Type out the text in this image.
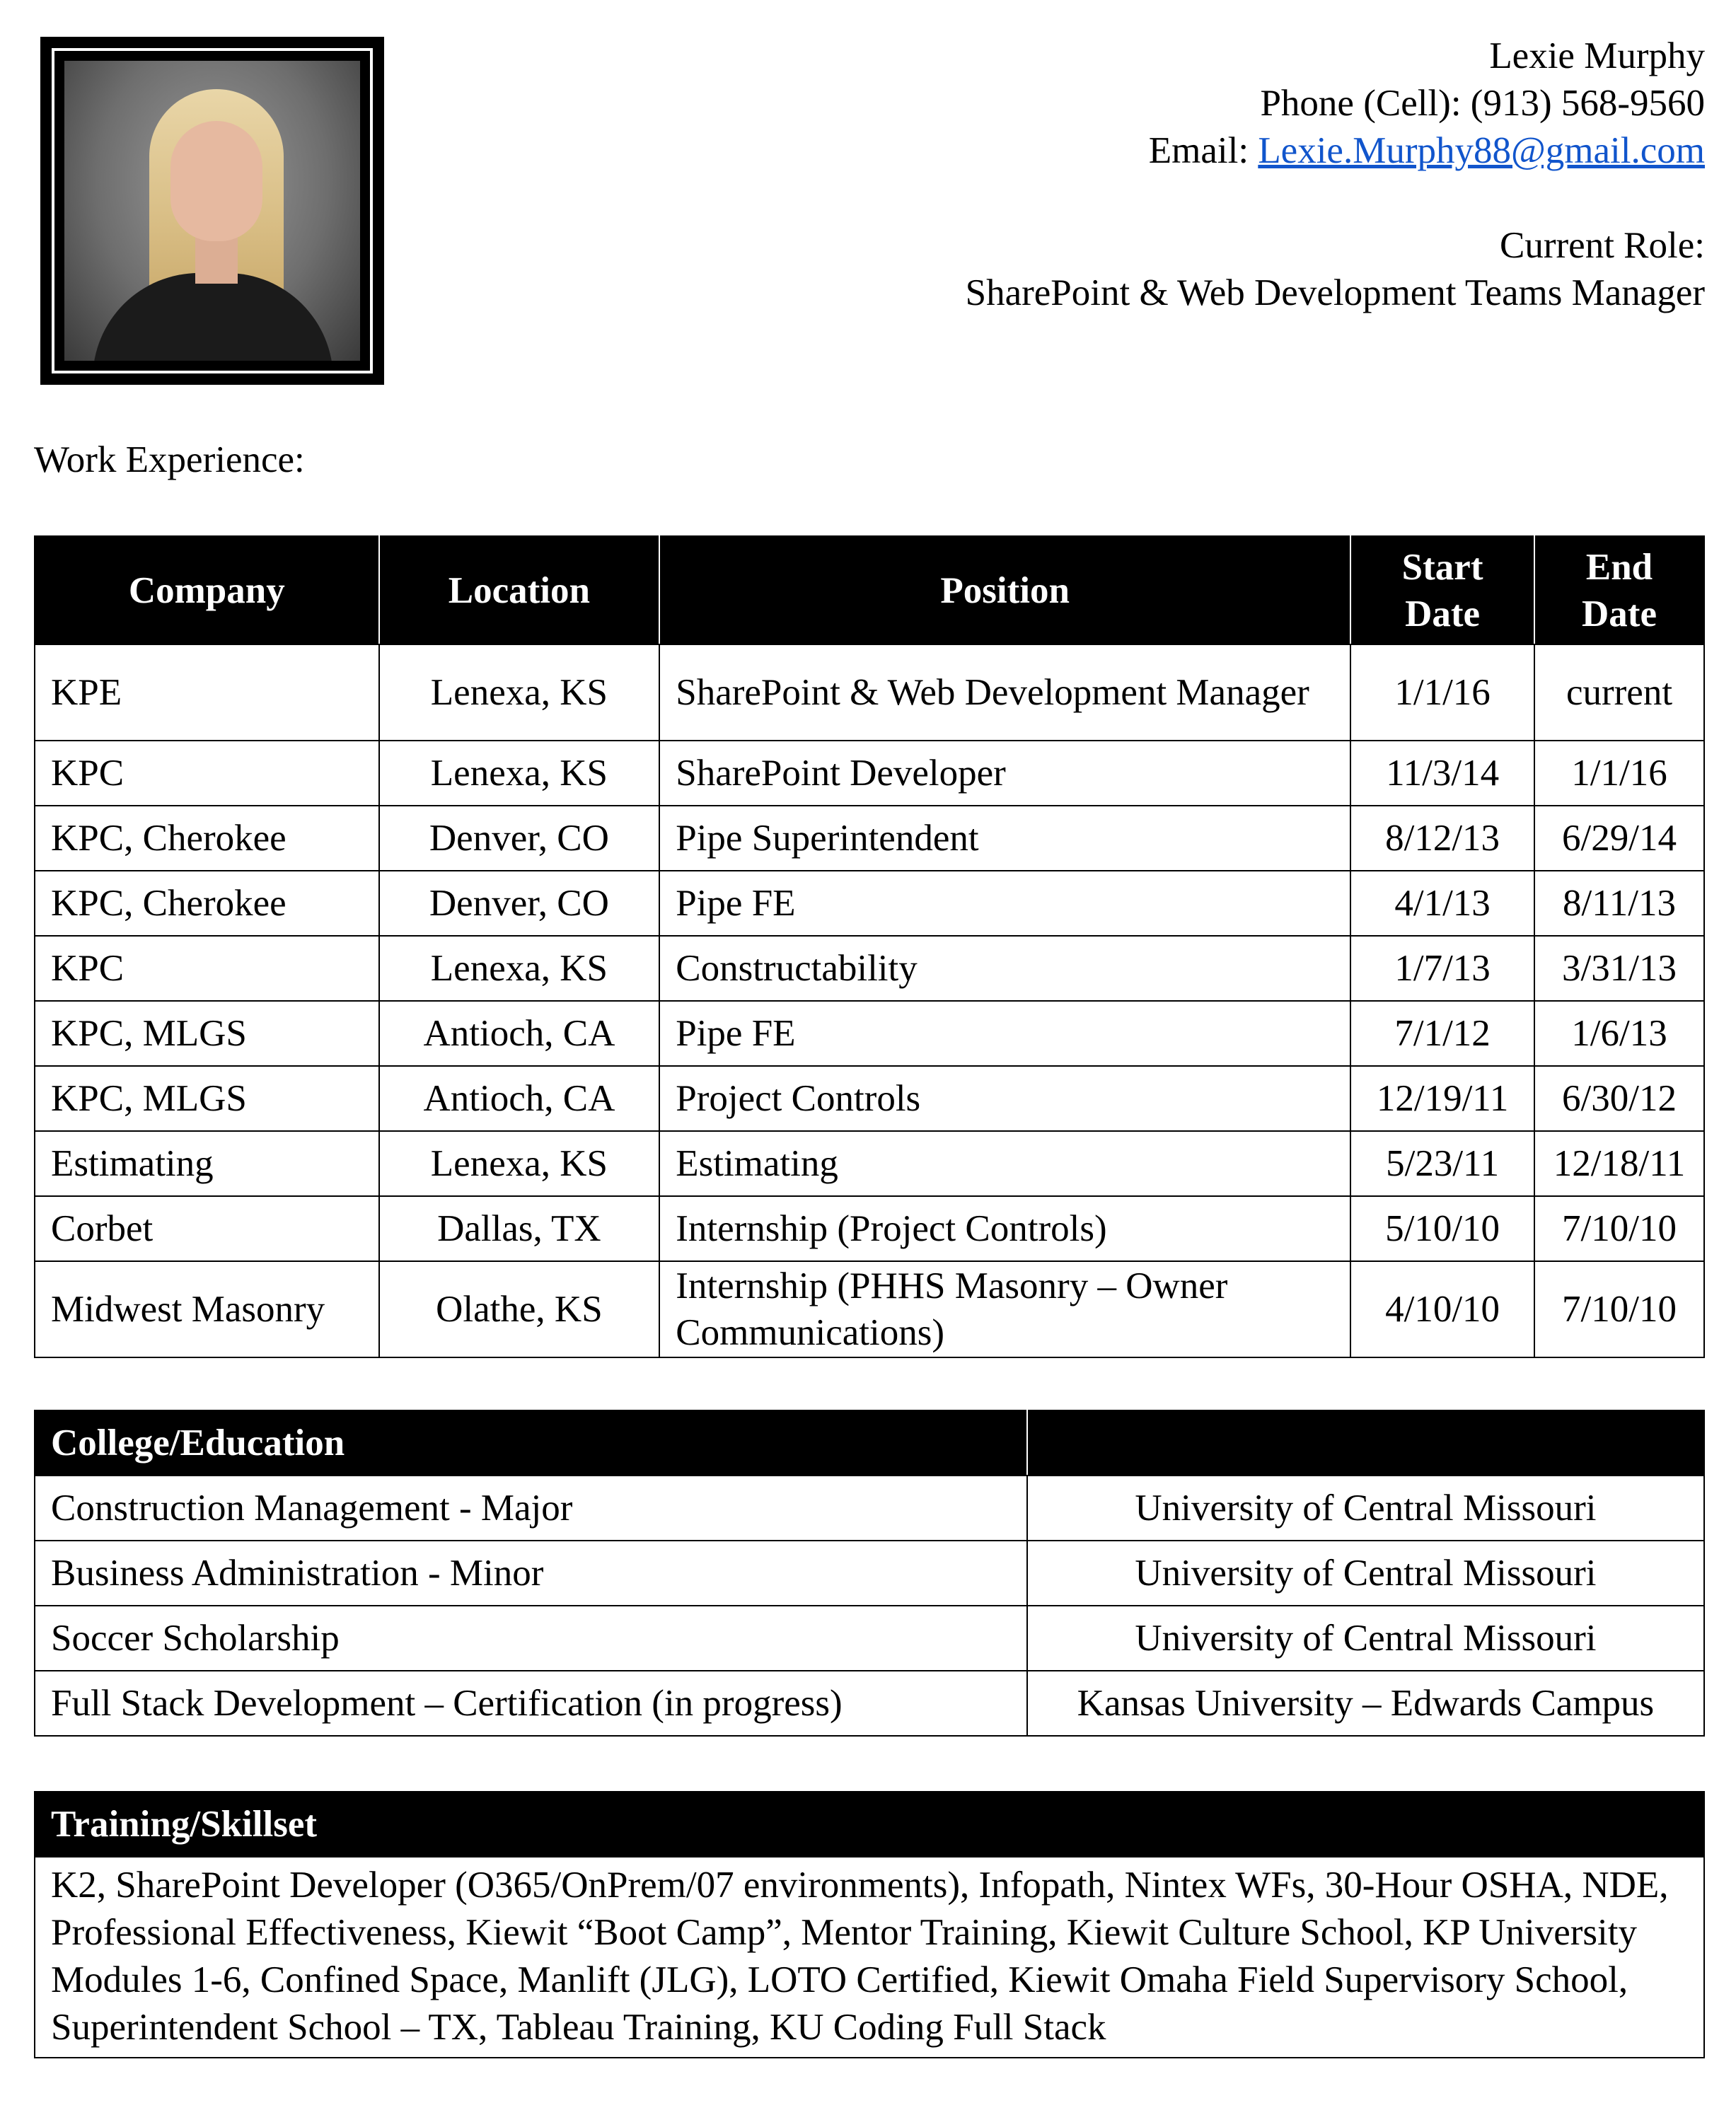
Lexie Murphy
Phone (Cell): (913) 568-9560
Email: Lexie.Murphy88@gmail.com
Current Role:
SharePoint & Web Development Teams Manager
Work Experience:
Company	Location	Position	Start Date	End Date
KPE	Lenexa, KS	SharePoint & Web Development Manager	1/1/16	current
KPC	Lenexa, KS	SharePoint Developer	11/3/14	1/1/16
KPC, Cherokee	Denver, CO	Pipe Superintendent	8/12/13	6/29/14
KPC, Cherokee	Denver, CO	Pipe FE	4/1/13	8/11/13
KPC	Lenexa, KS	Constructability	1/7/13	3/31/13
KPC, MLGS	Antioch, CA	Pipe FE	7/1/12	1/6/13
KPC, MLGS	Antioch, CA	Project Controls	12/19/11	6/30/12
Estimating	Lenexa, KS	Estimating	5/23/11	12/18/11
Corbet	Dallas, TX	Internship (Project Controls)	5/10/10	7/10/10
Midwest Masonry	Olathe, KS	Internship (PHHS Masonry – Owner Communications)	4/10/10	7/10/10
College/Education	
Construction Management - Major	University of Central Missouri
Business Administration - Minor	University of Central Missouri
Soccer Scholarship	University of Central Missouri
Full Stack Development – Certification (in progress)	Kansas University – Edwards Campus
Training/Skillset
K2, SharePoint Developer (O365/OnPrem/07 environments), Infopath, Nintex WFs, 30-Hour OSHA, NDE, Professional Effectiveness, Kiewit “Boot Camp”, Mentor Training, Kiewit Culture School, KP University Modules 1-6, Confined Space, Manlift (JLG), LOTO Certified, Kiewit Omaha Field Supervisory School, Superintendent School – TX, Tableau Training, KU Coding Full Stack
